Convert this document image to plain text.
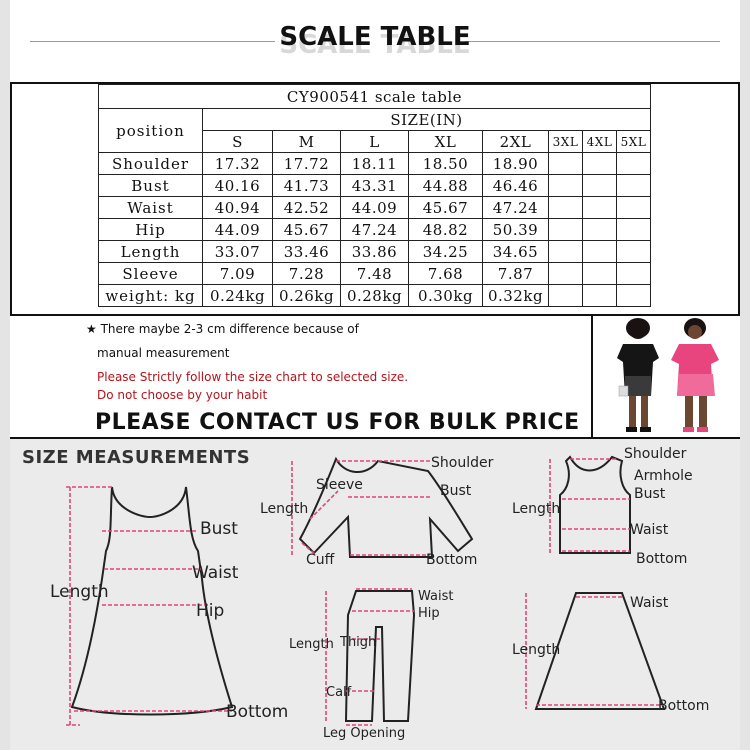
SCALE TABLE
CY900541 scale table								
position	SIZE(IN)							
	S	M	L	XL	2XL	3XL	4XL	5XL
Shoulder	17.32	17.72	18.11	18.50	18.90			
Bust	40.16	41.73	43.31	44.88	46.46			
Waist	40.94	42.52	44.09	45.67	47.24			
Hip	44.09	45.67	47.24	48.82	50.39			
Length	33.07	33.46	33.86	34.25	34.65			
Sleeve	7.09	7.28	7.48	7.68	7.87			
weight: kg	0.24kg	0.26kg	0.28kg	0.30kg	0.32kg			
★ There maybe 2-3 cm difference because of
manual measurement
Please Strictly follow the size chart to selected size.
Do not choose by your habit
PLEASE CONTACT US FOR BULK PRICE
SIZE MEASUREMENTS
Length
Bust
Waist
Hip
Bottom
Length
Sleeve
Shoulder
Bust
Cuff	Bottom
Length Thigh
Waist
Hip
Calf
Leg Opening
Length
Shoulder
Armhole
Bust
Waist
Bottom
Length
Waist
Bottom
